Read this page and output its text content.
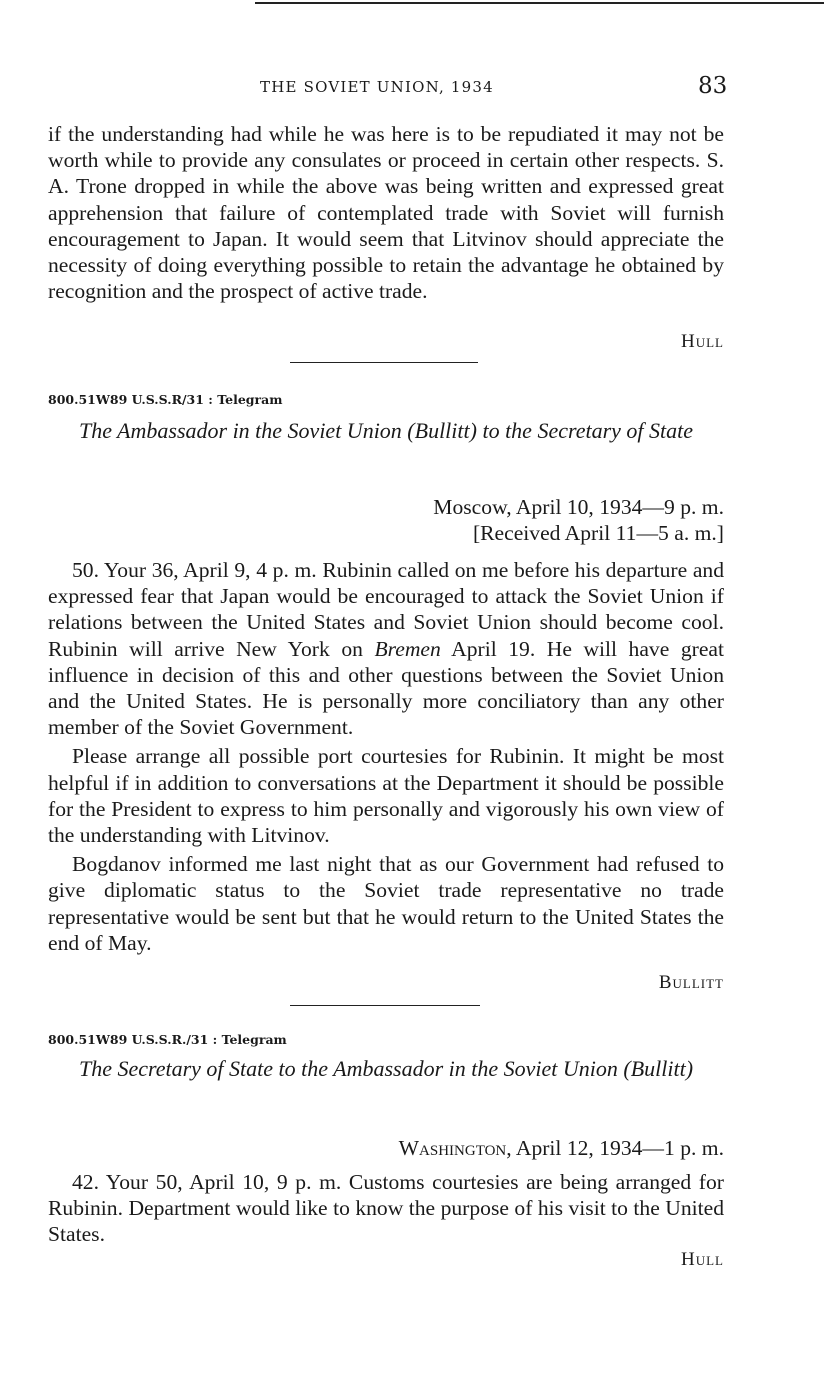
THE SOVIET UNION, 1934	83

if the understanding had while he was here is to be repudiated it may not be worth while to provide any consulates or proceed in certain other respects. S. A. Trone dropped in while the above was being written and expressed great apprehension that failure of contemplated trade with Soviet will furnish encouragement to Japan. It would seem that Litvinov should appreciate the necessity of doing everything possible to retain the advantage he obtained by recognition and the prospect of active trade.

Hull
800.51W89 U.S.S.R/31 : Telegram
The Ambassador in the Soviet Union (Bullitt) to the Secretary of State
Moscow, April 10, 1934—9 p. m.
[Received April 11—5 a. m.]

50. Your 36, April 9, 4 p. m. Rubinin called on me before his departure and expressed fear that Japan would be encouraged to attack the Soviet Union if relations between the United States and Soviet Union should become cool. Rubinin will arrive New York on Bremen April 19. He will have great influence in decision of this and other questions between the Soviet Union and the United States. He is personally more conciliatory than any other member of the Soviet Government.

Please arrange all possible port courtesies for Rubinin. It might be most helpful if in addition to conversations at the Department it should be possible for the President to express to him personally and vigorously his own view of the understanding with Litvinov.

Bogdanov informed me last night that as our Government had refused to give diplomatic status to the Soviet trade representative no trade representative would be sent but that he would return to the United States the end of May.

Bullitt
800.51W89 U.S.S.R./31 : Telegram
The Secretary of State to the Ambassador in the Soviet Union (Bullitt)
Washington, April 12, 1934—1 p. m.

42. Your 50, April 10, 9 p. m. Customs courtesies are being arranged for Rubinin. Department would like to know the purpose of his visit to the United States.

Hull
